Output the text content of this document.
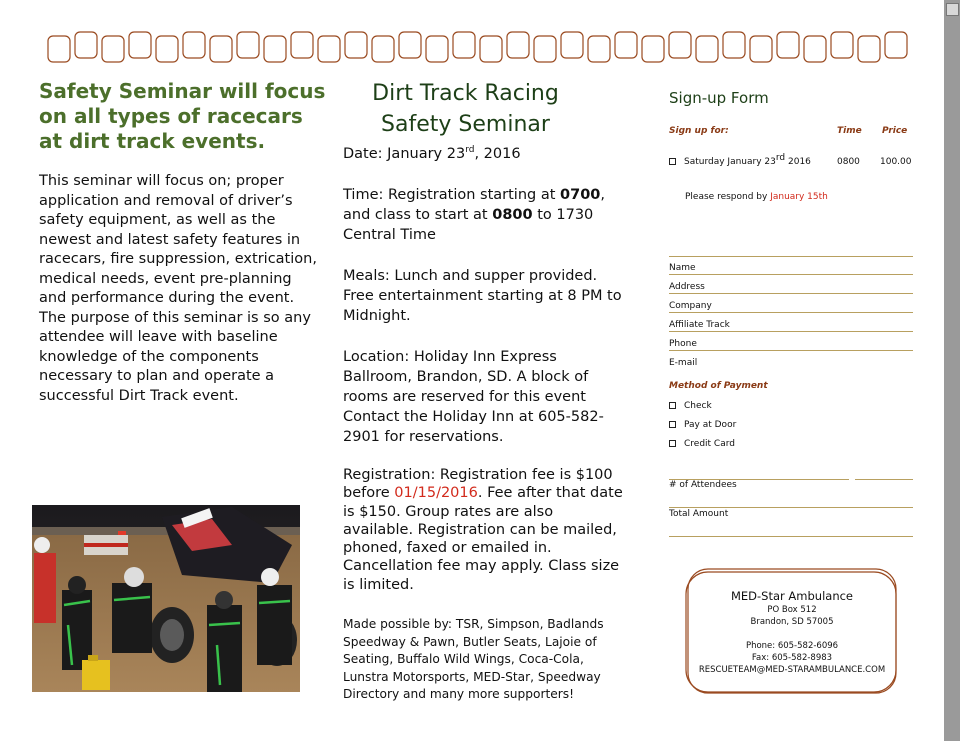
Safety Seminar will focus on all types of racecars at dirt track events.

This seminar will focus on; proper application and removal of driver’s safety equipment, as well as the newest and latest safety features in racecars, fire suppression, extrication, medical needs, event pre-planning and performance during the event. The purpose of this seminar is so any attendee will leave with baseline knowledge of the components necessary to plan and operate a successful Dirt Track event.

Dirt Track Racing
Safety Seminar

Date: January 23rd, 2016

Time: Registration starting at 0700, and class to start at 0800 to 1730 Central Time

Meals: Lunch and supper provided. Free entertainment starting at 8 PM to Midnight.

Location: Holiday Inn Express Ballroom, Brandon, SD. A block of rooms are reserved for this event Contact the Holiday Inn at 605-582-2901 for reservations.

Registration: Registration fee is $100 before 01/15/2016. Fee after that date is $150. Group rates are also available. Registration can be mailed, phoned, faxed or emailed in. Cancellation fee may apply. Class size is limited.

Made possible by: TSR, Simpson, Badlands Speedway & Pawn, Butler Seats, Lajoie of Seating, Buffalo Wild Wings, Coca-Cola, Lunstra Motorsports, MED-Star, Speedway Directory and many more supporters!

Sign-up Form
Sign up for:	Time Price
Saturday January 23rd 2016	0800 100.00
Please respond by January 15th
Name
Address
Company
Affiliate Track
Phone
E-mail
Method of Payment
Check
Pay at Door
Credit Card
# of Attendees
Total Amount
MED-Star Ambulance
PO Box 512
Brandon, SD 57005
Phone: 605-582-6096
Fax: 605-582-8983
RESCUETEAM@MED-STARAMBULANCE.COM
